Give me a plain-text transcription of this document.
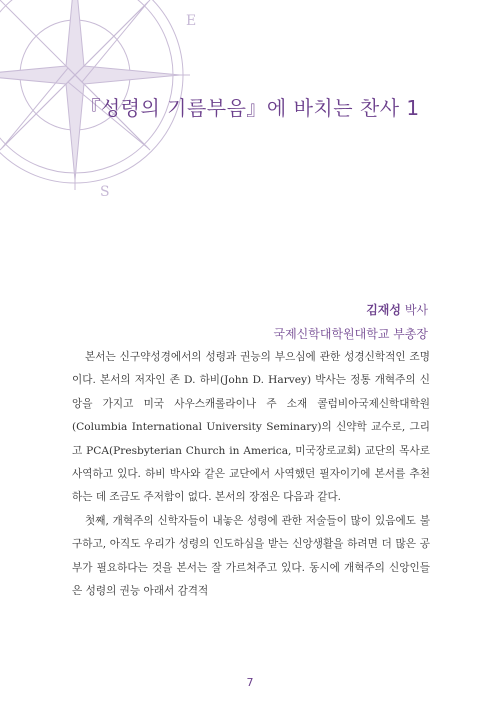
E
S
『성령의 기름부음』에 바치는 찬사 1
김재성 박사
국제신학대학원대학교 부총장

본서는 신구약성경에서의 성령과 권능의 부으심에 관한 성경신학적인 조명이다. 본서의 저자인 존 D. 하비(John D. Harvey) 박사는 정통 개혁주의 신앙을 가지고 미국 사우스캐롤라이나 주 소재 콜럼비아국제신학대학원(Columbia International University Seminary)의 신약학 교수로, 그리고 PCA(Presbyterian Church in America, 미국장로교회) 교단의 목사로 사역하고 있다. 하비 박사와 같은 교단에서 사역했던 필자이기에 본서를 추천하는 데 조금도 주저함이 없다. 본서의 장점은 다음과 같다.

첫째, 개혁주의 신학자들이 내놓은 성령에 관한 저술들이 많이 있음에도 불구하고, 아직도 우리가 성령의 인도하심을 받는 신앙생활을 하려면 더 많은 공부가 필요하다는 것을 본서는 잘 가르쳐주고 있다. 동시에 개혁주의 신앙인들은 성령의 권능 아래서 감격적

7
